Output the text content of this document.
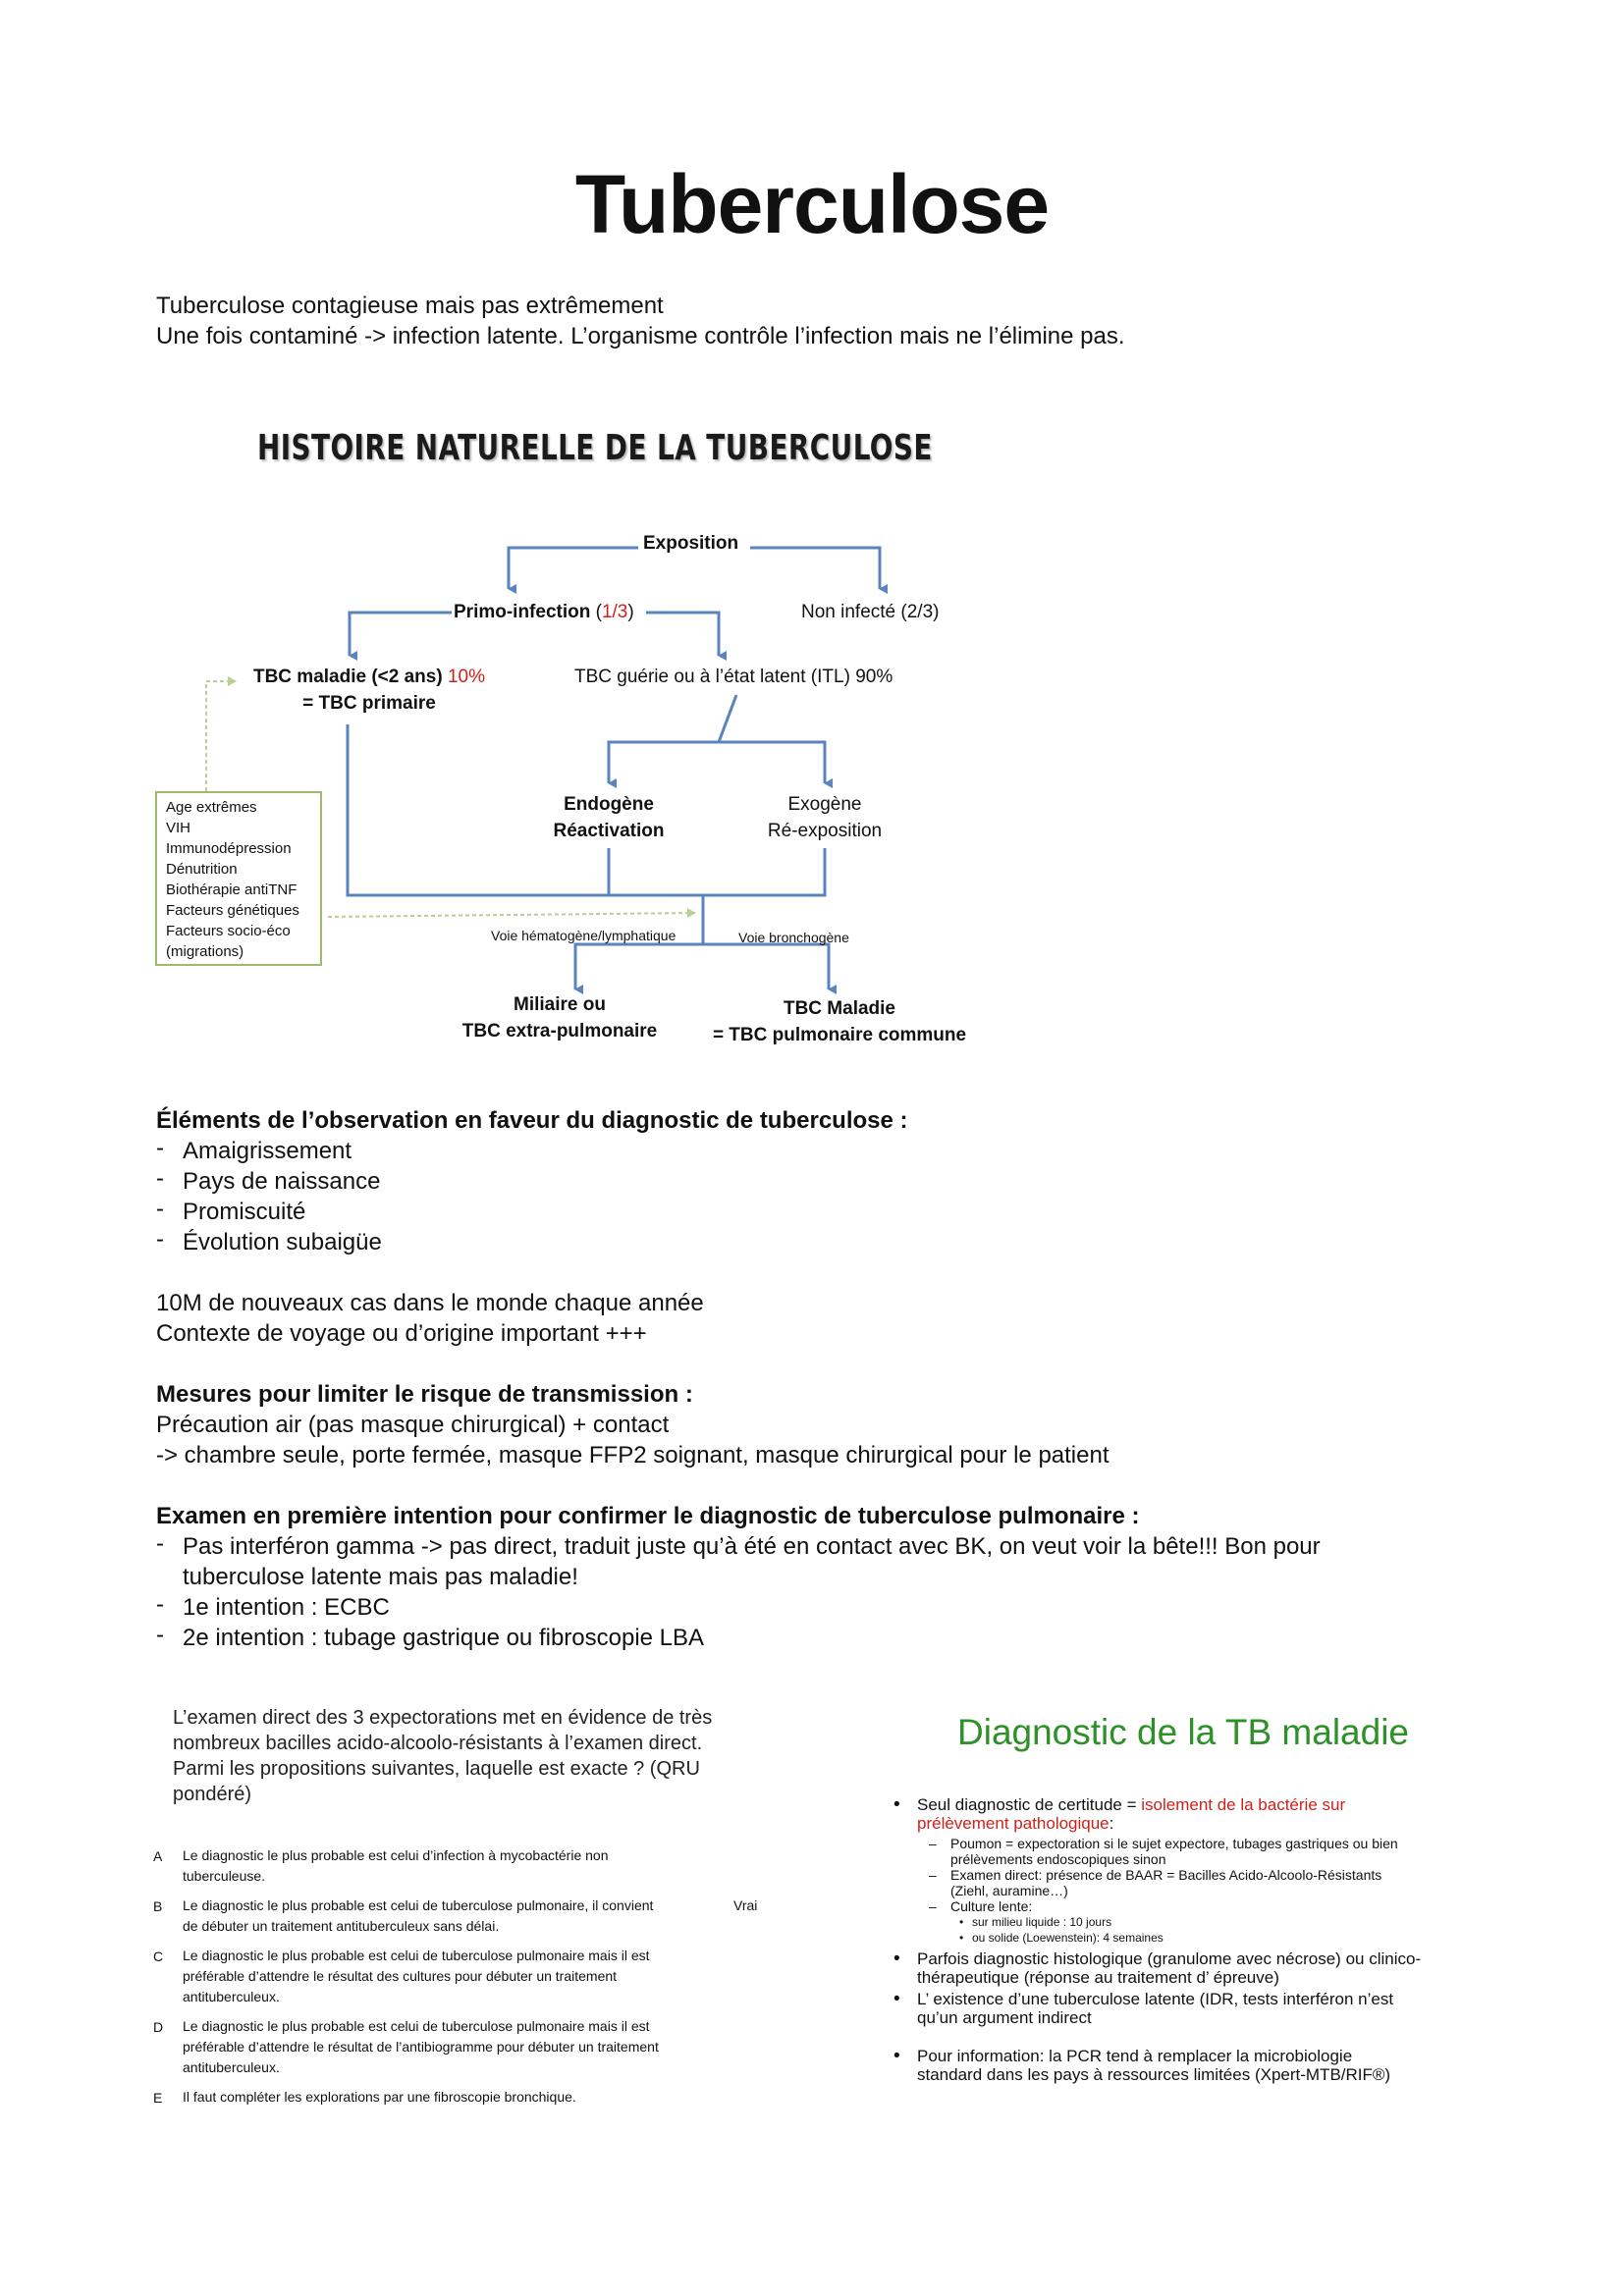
Tuberculose
Tuberculose contagieuse mais pas extrêmement
Une fois contaminé -> infection latente. L’organisme contrôle l’infection mais ne l’élimine pas.
HISTOIRE NATURELLE DE LA TUBERCULOSE
Exposition
Primo-infection (1/3)	Non infecté (2/3)
TBC maladie (<2 ans) 10%
= TBC primaire
TBC guérie ou à l’état latent (ITL) 90%
Endogène
Réactivation
Exogène
Ré-exposition
Voie hématogène/lymphatique	Voie bronchogène
Miliaire ou
TBC extra-pulmonaire
TBC Maladie
= TBC pulmonaire commune
Age extrêmes
VIH
Immunodépression
Dénutrition
Biothérapie antiTNF
Facteurs génétiques
Facteurs socio-éco
(migrations)
Éléments de l’observation en faveur du diagnostic de tuberculose :
- Amaigrissement
- Pays de naissance
- Promiscuité
- Évolution subaigüe
10M de nouveaux cas dans le monde chaque année
Contexte de voyage ou d’origine important +++
Mesures pour limiter le risque de transmission :
Précaution air (pas masque chirurgical) + contact
-> chambre seule, porte fermée, masque FFP2 soignant, masque chirurgical pour le patient
Examen en première intention pour confirmer le diagnostic de tuberculose pulmonaire :
- Pas interféron gamma -> pas direct, traduit juste qu’à été en contact avec BK, on veut voir la bête!!! Bon pour
tuberculose latente mais pas maladie!
- 1e intention : ECBC
- 2e intention : tubage gastrique ou fibroscopie LBA
L’examen direct des 3 expectorations met en évidence de très
nombreux bacilles acido-alcoolo-résistants à l’examen direct.
Parmi les propositions suivantes, laquelle est exacte ? (QRU
pondéré)
A Le diagnostic le plus probable est celui d’infection à mycobactérie non
tuberculeuse.
B Le diagnostic le plus probable est celui de tuberculose pulmonaire, il convient
de débuter un traitement antituberculeux sans délai.
C Le diagnostic le plus probable est celui de tuberculose pulmonaire mais il est
préférable d’attendre le résultat des cultures pour débuter un traitement
antituberculeux.
D Le diagnostic le plus probable est celui de tuberculose pulmonaire mais il est
préférable d’attendre le résultat de l’antibiogramme pour débuter un traitement
antituberculeux.
E Il faut compléter les explorations par une fibroscopie bronchique.
Vrai
Diagnostic de la TB maladie
• Seul diagnostic de certitude = isolement de la bactérie sur
prélèvement pathologique:
– Poumon = expectoration si le sujet expectore, tubages gastriques ou bien
prélèvements endoscopiques sinon
– Examen direct: présence de BAAR = Bacilles Acido-Alcoolo-Résistants
(Ziehl, auramine…)
– Culture lente:
• sur milieu liquide : 10 jours
• ou solide (Loewenstein): 4 semaines
• Parfois diagnostic histologique (granulome avec nécrose) ou clinico-
thérapeutique (réponse au traitement d’ épreuve)
• L’ existence d’une tuberculose latente (IDR, tests interféron n’est
qu’un argument indirect
• Pour information: la PCR tend à remplacer la microbiologie
standard dans les pays à ressources limitées (Xpert-MTB/RIF®)
